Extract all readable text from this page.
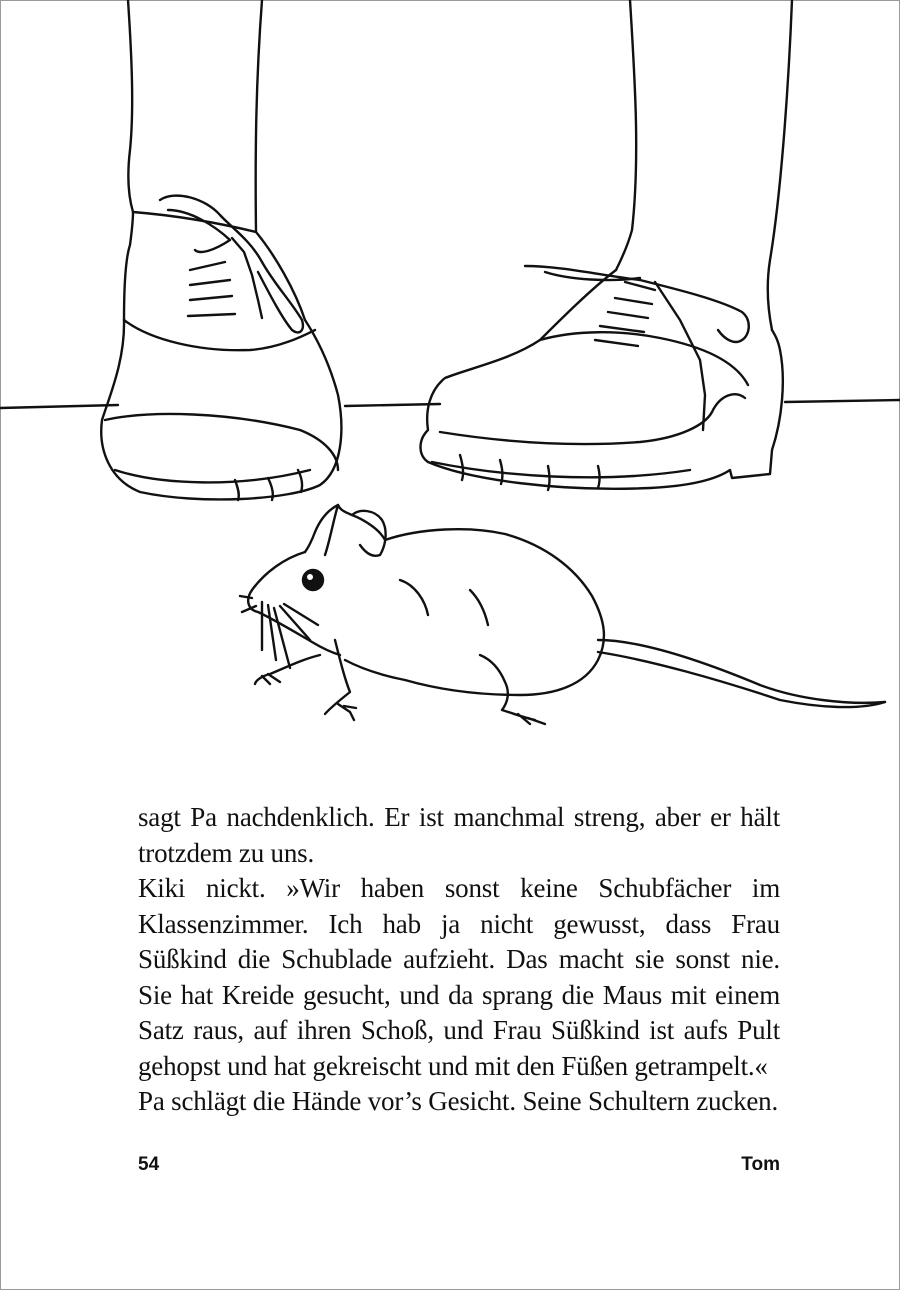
sagt Pa nachdenklich. Er ist manchmal streng, aber er hält trotzdem zu uns.

Kiki nickt. »Wir haben sonst keine Schubfächer im Klassenzimmer. Ich hab ja nicht gewusst, dass Frau Süßkind die Schublade aufzieht. Das macht sie sonst nie. Sie hat Kreide gesucht, und da sprang die Maus mit einem Satz raus, auf ihren Schoß, und Frau Süßkind ist aufs Pult gehopst und hat gekreischt und mit den Füßen getrampelt.«

Pa schlägt die Hände vor’s Gesicht. Seine Schultern zucken.

54	Tom
